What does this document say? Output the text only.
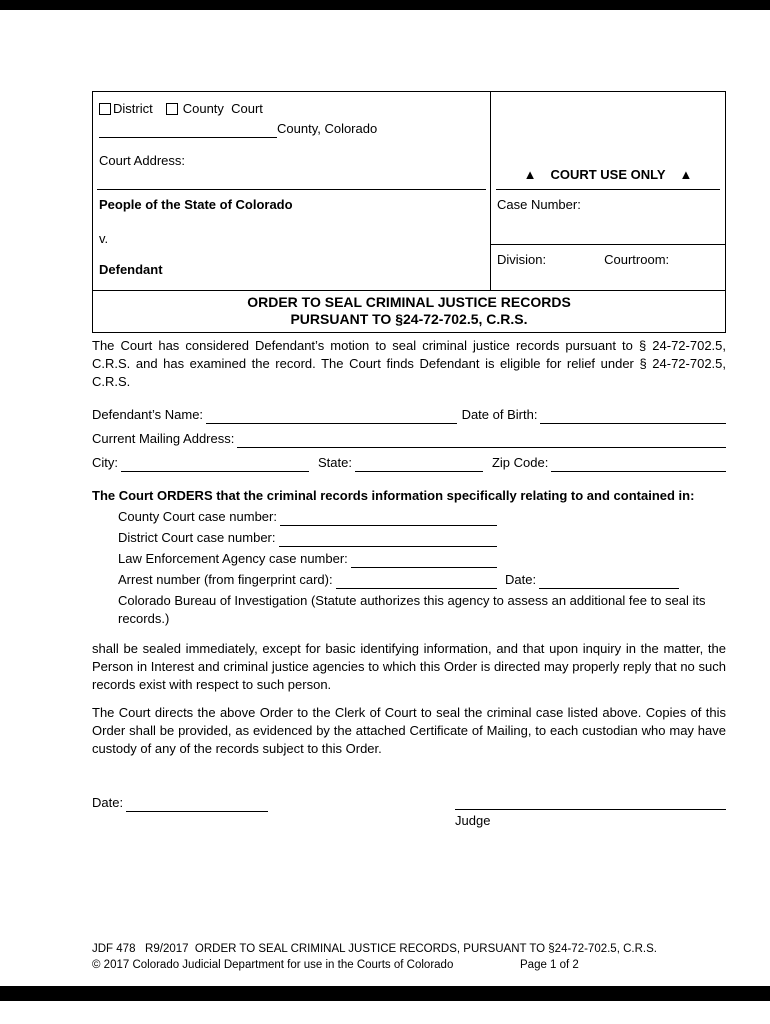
District County  Court
County, Colorado
Court Address:
People of the State of Colorado
v.
Defendant
▲ COURT USE ONLY ▲
Case Number:
Division:	Courtroom:
ORDER TO SEAL CRIMINAL JUSTICE RECORDS
PURSUANT TO §24-72-702.5, C.R.S.

The Court has considered Defendant’s motion to seal criminal justice records pursuant to § 24-72-702.5, C.R.S. and has examined the record. The Court finds Defendant is eligible for relief under § 24-72-702.5, C.R.S.

Defendant’s Name:	Date of Birth:
Current Mailing Address:
City:	State:	Zip Code:
The Court ORDERS that the criminal records information specifically relating to and contained in:
County Court case number:
District Court case number:
Law Enforcement Agency case number:
Arrest number (from fingerprint card):	Date:
Colorado Bureau of Investigation (Statute authorizes this agency to assess an additional fee to seal its records.)

shall be sealed immediately, except for basic identifying information, and that upon inquiry in the matter, the Person in Interest and criminal justice agencies to which this Order is directed may properly reply that no such records exist with respect to such person.

The Court directs the above Order to the Clerk of Court to seal the criminal case listed above. Copies of this Order shall be provided, as evidenced by the attached Certificate of Mailing, to each custodian who may have custody of any of the records subject to this Order.

Date:
Judge
JDF 478   R9/2017  ORDER TO SEAL CRIMINAL JUSTICE RECORDS, PURSUANT TO §24-72-702.5, C.R.S.
© 2017 Colorado Judicial Department for use in the Courts of Colorado	Page 1 of 2
